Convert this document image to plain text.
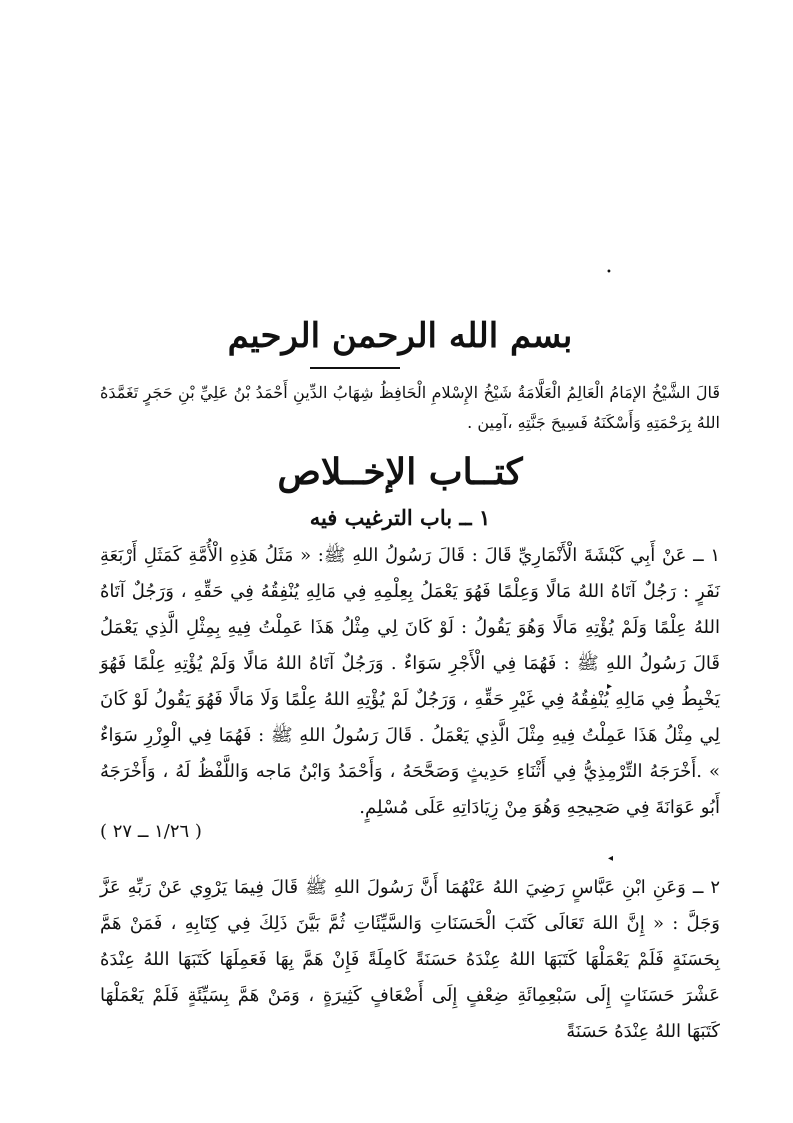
•
▸
◂
بسم الله الرحمن الرحيم
قَالَ الشَّيْخُ الإمَامُ الْعَالِمُ الْعَلَّامَةُ شَيْخُ الإِسْلامِ الْحَافِظُ شِهَابُ الدِّينِ أَحْمَدُ بْنُ عَلِيِّ بْنِ حَجَرٍ تَغَمَّدَهُ اللهُ بِرَحْمَتِهِ وَأَسْكَنَهُ فَسِيحَ جَنَّتِهِ ،آمِين .
كتــاب الإخــلاص
١ ــ باب الترغيب فيه
١ ــ عَنْ أَبِي كَبْشَةَ الْأَنْمَارِيِّ قَالَ : قَالَ رَسُولُ اللهِ ﷺ: « مَثَلُ هَذِهِ الْأُمَّةِ كَمَثَلِ أَرْبَعَةِ نَفَرٍ : رَجُلٌ آتَاهُ اللهُ مَالًا وَعِلْمًا فَهُوَ يَعْمَلُ بِعِلْمِهِ فِي مَالِهِ يُنْفِقُهُ فِي حَقِّهِ ، وَرَجُلٌ آتَاهُ اللهُ عِلْمًا وَلَمْ يُؤْتِهِ مَالًا وَهُوَ يَقُولُ : لَوْ كَانَ لِي مِثْلُ هَذَا عَمِلْتُ فِيهِ بِمِثْلِ الَّذِي يَعْمَلُ قَالَ رَسُولُ اللهِ ﷺ : فَهُمَا فِي الْأَجْرِ سَوَاءٌ . وَرَجُلٌ آتَاهُ اللهُ مَالًا وَلَمْ يُؤْتِهِ عِلْمًا فَهُوَ يَخْبِطُ فِي مَالِهِ يُنْفِقُهُ فِي غَيْرِ حَقِّهِ ، وَرَجُلٌ لَمْ يُؤْتِهِ اللهُ عِلْمًا وَلَا مَالًا فَهُوَ يَقُولُ لَوْ كَانَ لِي مِثْلُ هَذَا عَمِلْتُ فِيهِ مِثْلَ الَّذِي يَعْمَلُ . قَالَ رَسُولُ اللهِ ﷺ : فَهُمَا فِي الْوِزْرِ سَوَاءٌ » .أَخْرَجَهُ التِّرْمِذِيُّ فِي أَثْنَاءِ حَدِيثٍ وَصَحَّحَهُ ، وَأَحْمَدُ وَابْنُ مَاجه وَاللَّفْظُ لَهُ ، وَأَخْرَجَهُ أَبُو عَوَانَةَ فِي صَحِيحِهِ وَهُوَ مِنْ زِيَادَاتِهِ عَلَى مُسْلِمٍ.
( ١/٢٦ ــ ٢٧ )
٢ ــ وَعَنِ ابْنِ عَبَّاسٍ رَضِيَ اللهُ عَنْهُمَا أَنَّ رَسُولَ اللهِ ﷺ قَالَ فِيمَا يَرْوِي عَنْ رَبِّهِ عَزَّ وَجَلَّ : « إِنَّ اللهَ تَعَالَى كَتَبَ الْحَسَنَاتِ وَالسَّيِّئَاتِ ثُمَّ بَيَّنَ ذَلِكَ فِي كِتَابِهِ ، فَمَنْ هَمَّ بِحَسَنَةٍ فَلَمْ يَعْمَلْهَا كَتَبَهَا اللهُ عِنْدَهُ حَسَنَةً كَامِلَةً فَإِنْ هَمَّ بِهَا فَعَمِلَهَا كَتَبَهَا اللهُ عِنْدَهُ عَشْرَ حَسَنَاتٍ إِلَى سَبْعِمِائَةِ ضِعْفٍ إِلَى أَضْعَافٍ كَثِيرَةٍ ، وَمَنْ هَمَّ بِسَيِّئَةٍ فَلَمْ يَعْمَلْهَا كَتَبَهَا اللهُ عِنْدَهُ حَسَنَةً
